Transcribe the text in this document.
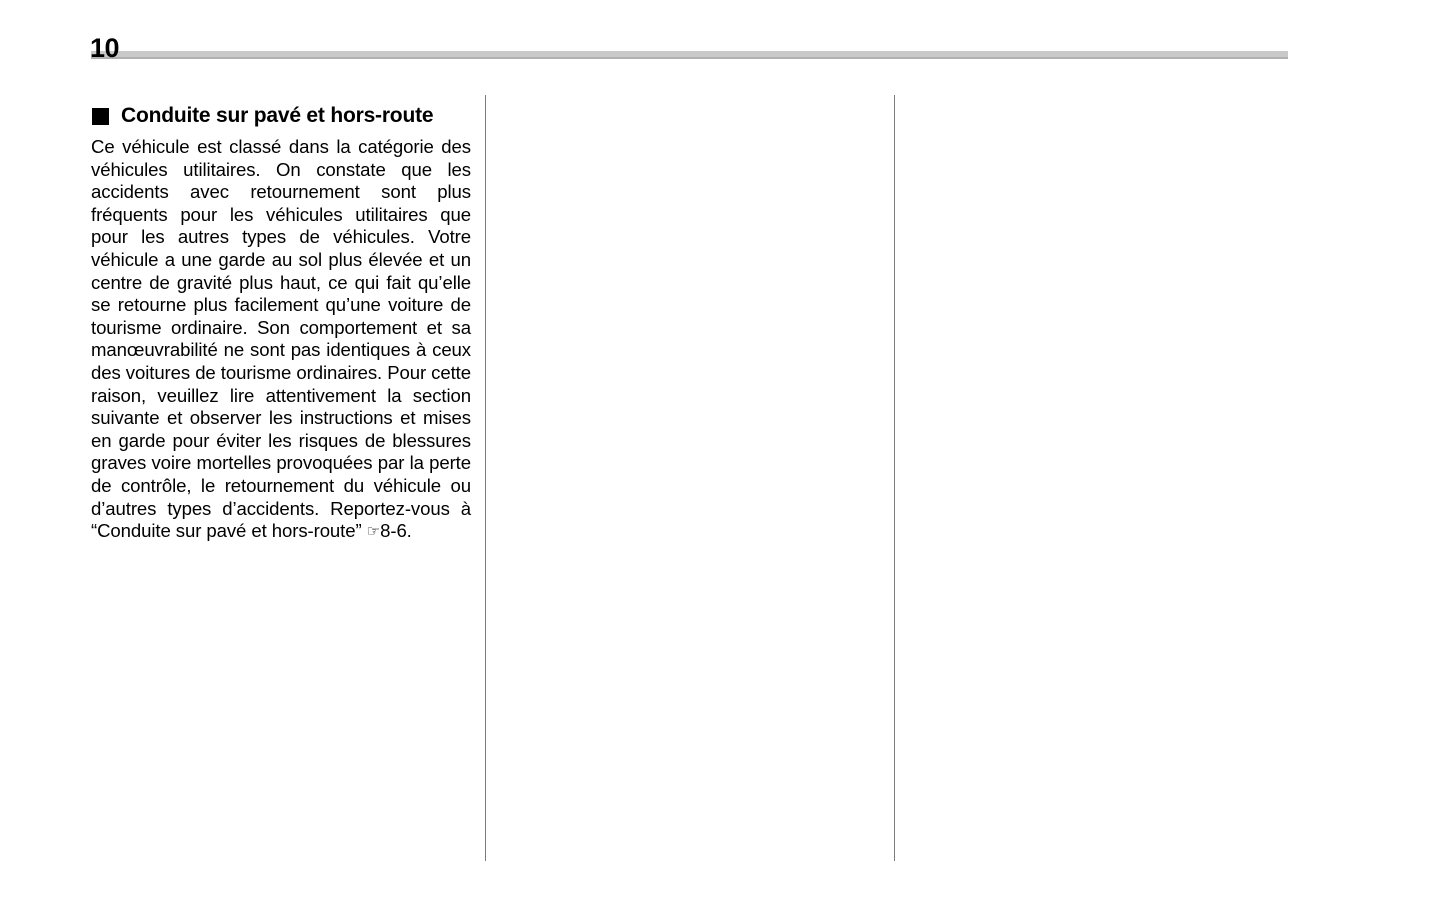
10
Conduite sur pavé et hors-route

Ce véhicule est classé dans la catégorie des véhicules utilitaires. On constate que les accidents avec retournement sont plus fréquents pour les véhicules utilitaires que pour les autres types de véhicules. Votre véhicule a une garde au sol plus élevée et un centre de gravité plus haut, ce qui fait qu’elle se retourne plus facilement qu’une voiture de tourisme ordinaire. Son comportement et sa manœuvrabilité ne sont pas identiques à ceux des voitures de tourisme ordinaires. Pour cette raison, veuillez lire attentivement la section suivante et observer les instructions et mises en garde pour éviter les risques de blessures graves voire mortelles provoquées par la perte de contrôle, le retournement du véhicule ou d’autres types d’accidents. Reportez-vous à “Conduite sur pavé et hors-route” ☞8-6.
